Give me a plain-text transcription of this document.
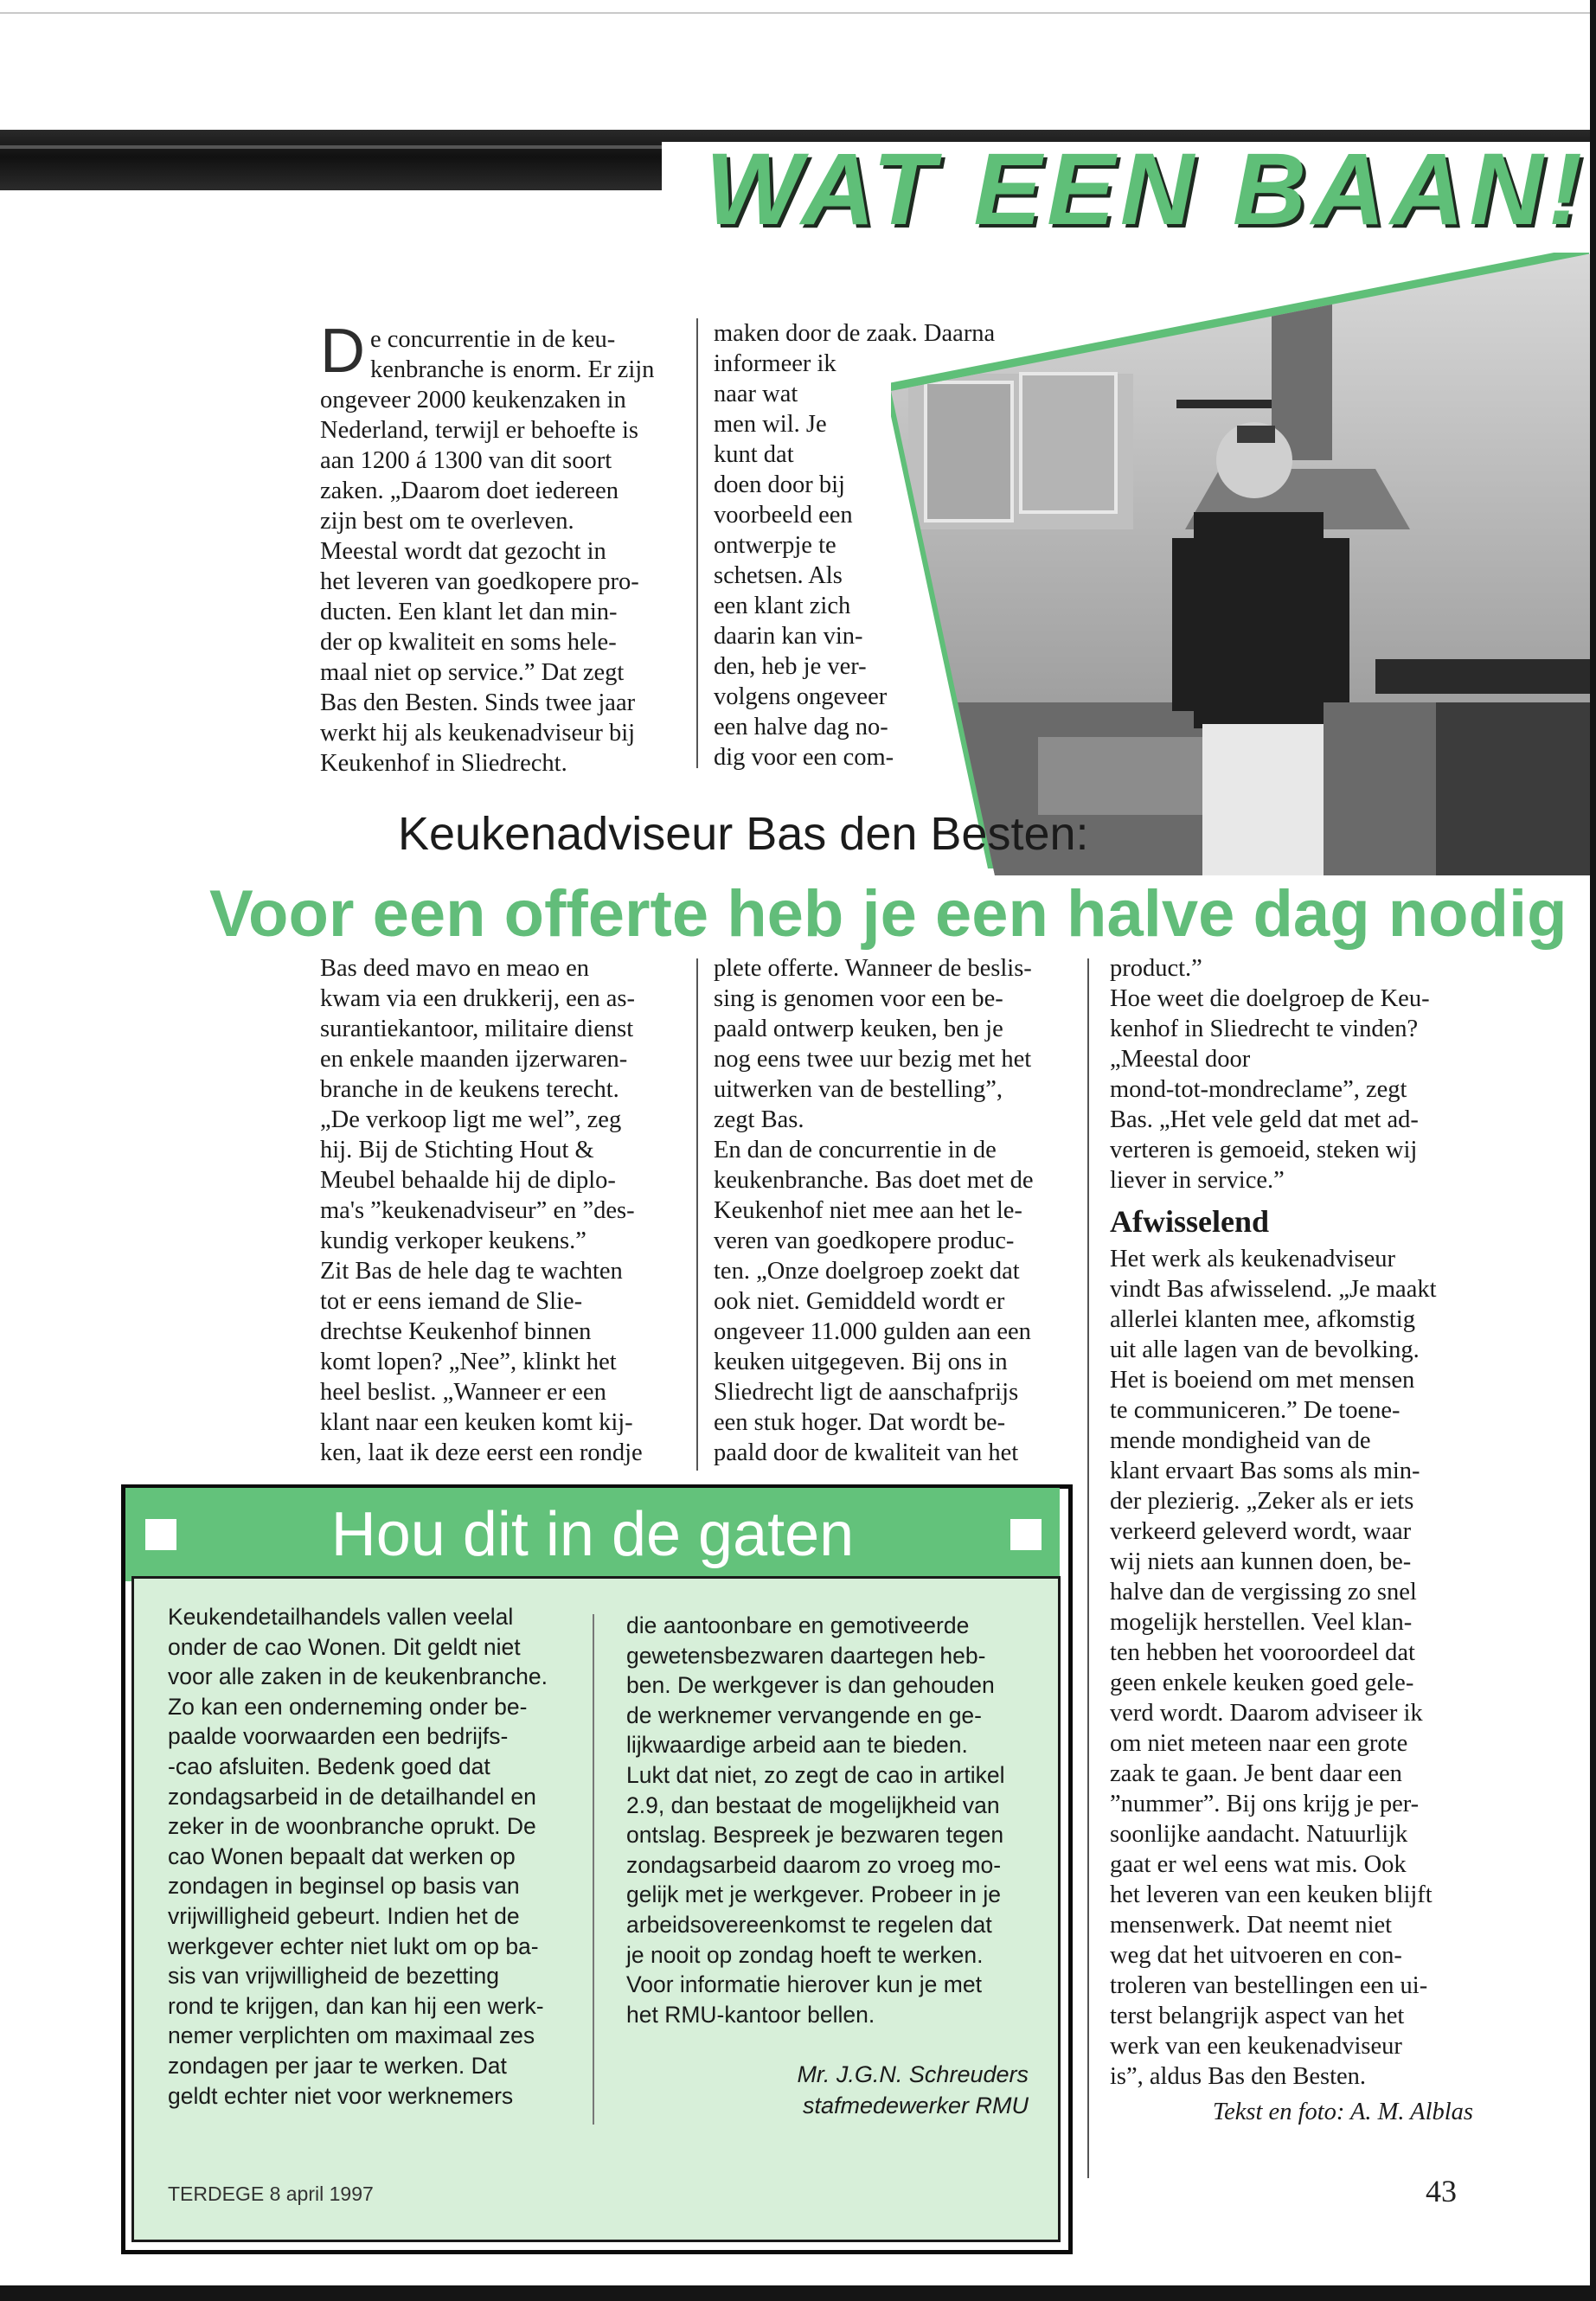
WAT EEN BAAN!

De concurrentie in de keu-
kenbranche is enorm. Er zijn
ongeveer 2000 keukenzaken in
Nederland, terwijl er behoefte is
aan 1200 á 1300 van dit soort
zaken. „Daarom doet iedereen
zijn best om te overleven.
Meestal wordt dat gezocht in
het leveren van goedkopere pro-
ducten. Een klant let dan min-
der op kwaliteit en soms hele-
maal niet op service.” Dat zegt
Bas den Besten. Sinds twee jaar
werkt hij als keukenadviseur bij
Keukenhof in Sliedrecht.

maken door de zaak. Daarna
informeer ik
naar wat
men wil. Je
kunt dat
doen door bij
voorbeeld een
ontwerpje te
schetsen. Als
een klant zich
daarin kan vin-
den, heb je ver-
volgens ongeveer
een halve dag no-
dig voor een com-
Keukenadviseur Bas den Besten:
Voor een offerte heb je een halve dag nodig
Bas deed mavo en meao en
kwam via een drukkerij, een as-
surantiekantoor, militaire dienst
en enkele maanden ijzerwaren-
branche in de keukens terecht.
„De verkoop ligt me wel”, zeg
hij. Bij de Stichting Hout &
Meubel behaalde hij de diplo-
ma's ”keukenadviseur” en ”des-
kundig verkoper keukens.”
Zit Bas de hele dag te wachten
tot er eens iemand de Slie-
drechtse Keukenhof binnen
komt lopen? „Nee”, klinkt het
heel beslist. „Wanneer er een
klant naar een keuken komt kij-
ken, laat ik deze eerst een rondje
plete offerte. Wanneer de beslis-
sing is genomen voor een be-
paald ontwerp keuken, ben je
nog eens twee uur bezig met het
uitwerken van de bestelling”,
zegt Bas.
En dan de concurrentie in de
keukenbranche. Bas doet met de
Keukenhof niet mee aan het le-
veren van goedkopere produc-
ten. „Onze doelgroep zoekt dat
ook niet. Gemiddeld wordt er
ongeveer 11.000 gulden aan een
keuken uitgegeven. Bij ons in
Sliedrecht ligt de aanschafprijs
een stuk hoger. Dat wordt be-
paald door de kwaliteit van het
product.”
Hoe weet die doelgroep de Keu-
kenhof in Sliedrecht te vinden?
„Meestal door
mond-tot-mondreclame”, zegt
Bas. „Het vele geld dat met ad-
verteren is gemoeid, steken wij
liever in service.”
Afwisselend
Het werk als keukenadviseur
vindt Bas afwisselend. „Je maakt
allerlei klanten mee, afkomstig
uit alle lagen van de bevolking.
Het is boeiend om met mensen
te communiceren.” De toene-
mende mondigheid van de
klant ervaart Bas soms als min-
der plezierig. „Zeker als er iets
verkeerd geleverd wordt, waar
wij niets aan kunnen doen, be-
halve dan de vergissing zo snel
mogelijk herstellen. Veel klan-
ten hebben het vooroordeel dat
geen enkele keuken goed gele-
verd wordt. Daarom adviseer ik
om niet meteen naar een grote
zaak te gaan. Je bent daar een
”nummer”. Bij ons krijg je per-
soonlijke aandacht. Natuurlijk
gaat er wel eens wat mis. Ook
het leveren van een keuken blijft
mensenwerk. Dat neemt niet
weg dat het uitvoeren en con-
troleren van bestellingen een ui-
terst belangrijk aspect van het
werk van een keukenadviseur
is”, aldus Bas den Besten.
Tekst en foto: A. M. Alblas
Hou dit in de gaten
Keukendetailhandels vallen veelal
onder de cao Wonen. Dit geldt niet
voor alle zaken in de keukenbranche.
Zo kan een onderneming onder be-
paalde voorwaarden een bedrijfs-
-cao afsluiten. Bedenk goed dat
zondagsarbeid in de detailhandel en
zeker in de woonbranche oprukt. De
cao Wonen bepaalt dat werken op
zondagen in beginsel op basis van
vrijwilligheid gebeurt. Indien het de
werkgever echter niet lukt om op ba-
sis van vrijwilligheid de bezetting
rond te krijgen, dan kan hij een werk-
nemer verplichten om maximaal zes
zondagen per jaar te werken. Dat
geldt echter niet voor werknemers
die aantoonbare en gemotiveerde
gewetensbezwaren daartegen heb-
ben. De werkgever is dan gehouden
de werknemer vervangende en ge-
lijkwaardige arbeid aan te bieden.
Lukt dat niet, zo zegt de cao in artikel
2.9, dan bestaat de mogelijkheid van
ontslag. Bespreek je bezwaren tegen
zondagsarbeid daarom zo vroeg mo-
gelijk met je werkgever. Probeer in je
arbeidsovereenkomst te regelen dat
je nooit op zondag hoeft te werken.
Voor informatie hierover kun je met
het RMU-kantoor bellen.
Mr. J.G.N. Schreuders
stafmedewerker RMU
TERDEGE 8 april 1997	43
